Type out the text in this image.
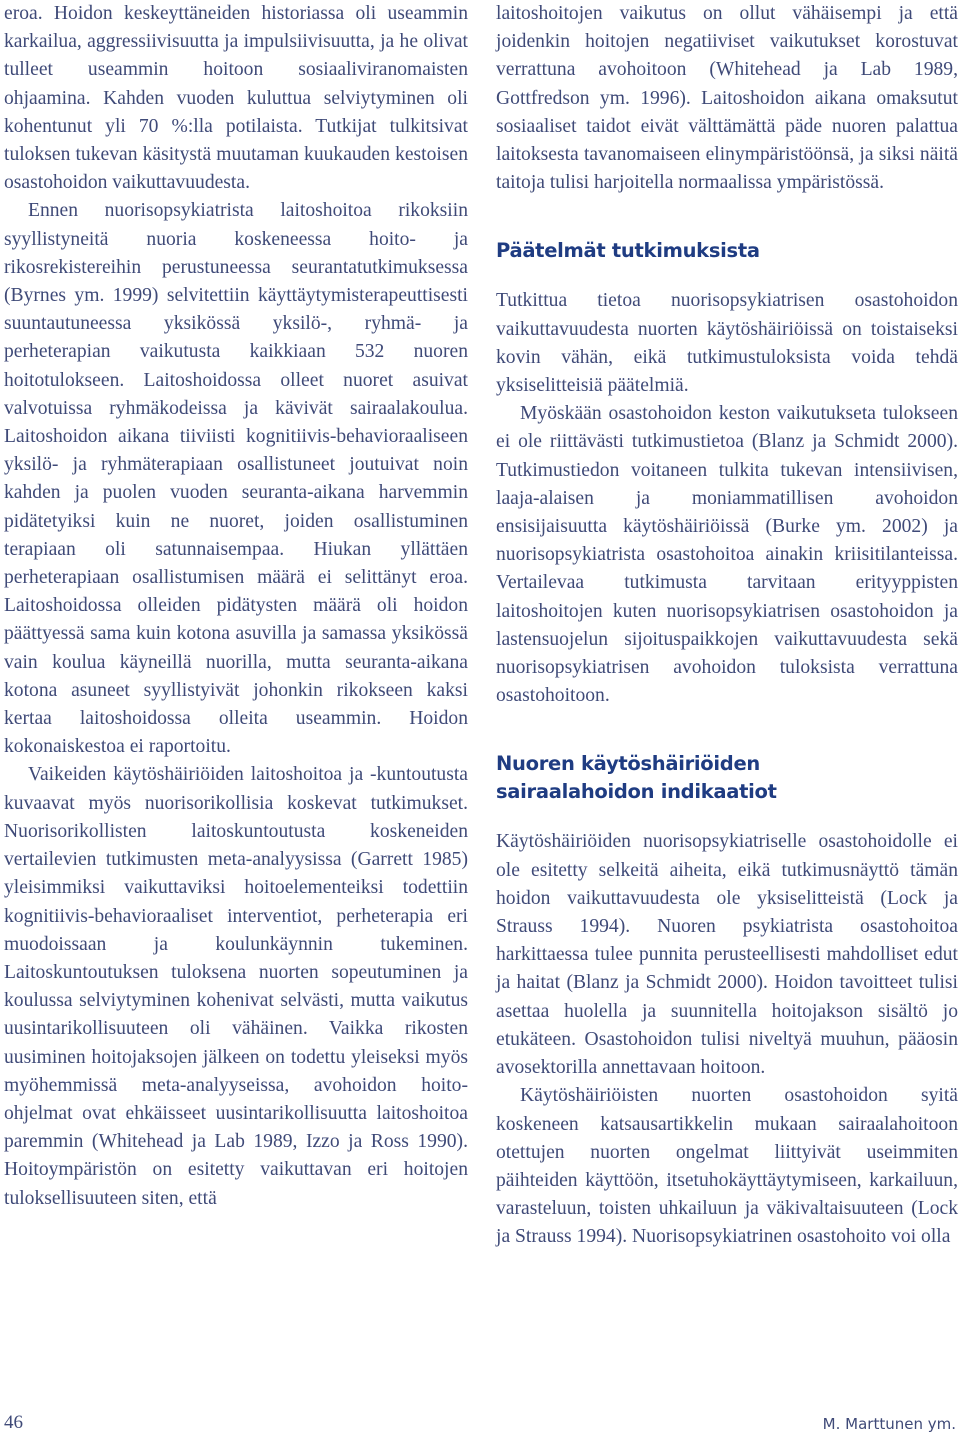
eroa. Hoidon keskeyttäneiden historiassa oli useammin karkailua, aggressiivisuutta ja impulsiivisuutta, ja he olivat tulleet useammin hoitoon sosiaaliviranomaisten ohjaamina. Kahden vuoden kuluttua selviytyminen oli kohentunut yli 70 %:lla potilaista. Tutkijat tulkitsivat tuloksen tukevan käsitystä muutaman kuukauden kestoisen osastohoidon vaikuttavuudesta.

Ennen nuorisopsykiatrista laitoshoitoa rikoksiin syyllistyneitä nuoria koskeneessa hoito- ja rikosrekistereihin perustuneessa seurantatutkimuksessa (Byrnes ym. 1999) selvitettiin käyttäytymisterapeuttisesti suuntautuneessa yksikössä yksilö-, ryhmä- ja perheterapian vaikutusta kaikkiaan 532 nuoren hoitotulokseen. Laitoshoidossa olleet nuoret asuivat valvotuissa ryhmäkodeissa ja kävivät sairaalakoulua. Laitoshoidon aikana tiiviisti kognitiivis-behavioraaliseen yksilö- ja ryhmäterapiaan osallistuneet joutuivat noin kahden ja puolen vuoden seuranta-aikana harvemmin pidätetyiksi kuin ne nuoret, joiden osallistuminen terapiaan oli satunnaisempaa. Hiukan yllättäen perheterapiaan osallistumisen määrä ei selittänyt eroa. Laitoshoidossa olleiden pidätysten määrä oli hoidon päättyessä sama kuin kotona asuvilla ja samassa yksikössä vain koulua käyneillä nuorilla, mutta seuranta-aikana kotona asuneet syyllistyivät johonkin rikokseen kaksi kertaa laitoshoidossa olleita useammin. Hoidon kokonaiskestoa ei raportoitu.

Vaikeiden käytöshäiriöiden laitoshoitoa ja -kuntoutusta kuvaavat myös nuorisorikollisia koskevat tutkimukset. Nuorisorikollisten laitoskuntoutusta koskeneiden vertailevien tutkimusten meta-analyysissa (Garrett 1985) yleisimmiksi vaikuttaviksi hoitoelementeiksi todettiin kognitiivis-behavioraaliset interventiot, perheterapia eri muodoissaan ja koulunkäynnin tukeminen. Laitoskuntoutuksen tuloksena nuorten sopeutuminen ja koulussa selviytyminen kohenivat selvästi, mutta vaikutus uusintarikollisuuteen oli vähäinen. Vaikka rikosten uusiminen hoitojaksojen jälkeen on todettu yleiseksi myös myöhemmissä meta-analyyseissa, avohoidon hoito-ohjelmat ovat ehkäisseet uusintarikollisuutta laitoshoitoa paremmin (Whitehead ja Lab 1989, Izzo ja Ross 1990). Hoitoympäristön on esitetty vaikuttavan eri hoitojen tuloksellisuuteen siten, että

laitoshoitojen vaikutus on ollut vähäisempi ja että joidenkin hoitojen negatiiviset vaikutukset korostuvat verrattuna avohoitoon (Whitehead ja Lab 1989, Gottfredson ym. 1996). Laitoshoidon aikana omaksutut sosiaaliset taidot eivät välttämättä päde nuoren palattua laitoksesta tavanomaiseen elinympäristöönsä, ja siksi näitä taitoja tulisi harjoitella normaalissa ympäristössä.

Päätelmät tutkimuksista

Tutkittua tietoa nuorisopsykiatrisen osastohoidon vaikuttavuudesta nuorten käytöshäiriöissä on toistaiseksi kovin vähän, eikä tutkimustuloksista voida tehdä yksiselitteisiä päätelmiä.

Myöskään osastohoidon keston vaikutukseta tulokseen ei ole riittävästi tutkimustietoa (Blanz ja Schmidt 2000). Tutkimustiedon voitaneen tulkita tukevan intensiivisen, laaja-alaisen ja moniammatillisen avohoidon ensisijaisuutta käytöshäiriöissä (Burke ym. 2002) ja nuorisopsykiatrista osastohoitoa ainakin kriisitilanteissa. Vertailevaa tutkimusta tarvitaan erityyppisten laitoshoitojen kuten nuorisopsykiatrisen osastohoidon ja lastensuojelun sijoituspaikkojen vaikuttavuudesta sekä nuorisopsykiatrisen avohoidon tuloksista verrattuna osastohoitoon.

Nuoren käytöshäiriöiden
sairaalahoidon indikaatiot

Käytöshäiriöiden nuorisopsykiatriselle osastohoidolle ei ole esitetty selkeitä aiheita, eikä tutkimusnäyttö tämän hoidon vaikuttavuudesta ole yksiselitteistä (Lock ja Strauss 1994). Nuoren psykiatrista osastohoitoa harkittaessa tulee punnita perusteellisesti mahdolliset edut ja haitat (Blanz ja Schmidt 2000). Hoidon tavoitteet tulisi asettaa huolella ja suunnitella hoitojakson sisältö jo etukäteen. Osastohoidon tulisi niveltyä muuhun, pääosin avosektorilla annettavaan hoitoon.

Käytöshäiriöisten nuorten osastohoidon syitä koskeneen katsausartikkelin mukaan sairaalahoitoon otettujen nuorten ongelmat liittyivät useimmiten päihteiden käyttöön, itsetuhokäyttäytymiseen, karkailuun, varasteluun, toisten uhkailuun ja väkivaltaisuuteen (Lock ja Strauss 1994). Nuorisopsykiatrinen osastohoito voi olla

46	M. Marttunen ym.
